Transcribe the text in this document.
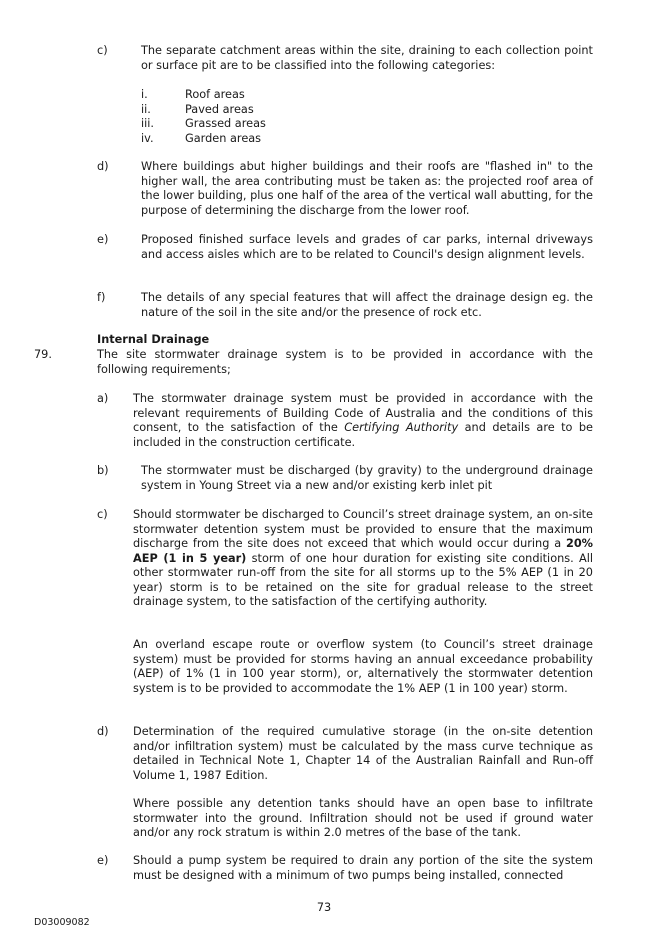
c)	The separate catchment areas within the site, draining to each collection point or surface pit are to be classified into the following categories:
i.	Roof areas
ii.	Paved areas
iii.	Grassed areas
iv.	Garden areas
d)	Where buildings abut higher buildings and their roofs are "flashed in" to the higher wall, the area contributing must be taken as: the projected roof area of the lower building, plus one half of the area of the vertical wall abutting, for the purpose of determining the discharge from the lower roof.
e)	Proposed finished surface levels and grades of car parks, internal driveways and access aisles which are to be related to Council's design alignment levels.
f)	The details of any special features that will affect the drainage design eg. the nature of the soil in the site and/or the presence of rock etc.
Internal Drainage
79.	The site stormwater drainage system is to be provided in accordance with the following requirements;
a) The stormwater drainage system must be provided in accordance with the relevant requirements of Building Code of Australia and the conditions of this consent, to the satisfaction of the Certifying Authority and details are to be included in the construction certificate.
b)	The stormwater must be discharged (by gravity) to the underground drainage system in Young Street via a new and/or existing kerb inlet pit
c) Should stormwater be discharged to Council’s street drainage system, an on-site stormwater detention system must be provided to ensure that the maximum discharge from the site does not exceed that which would occur during a 20% AEP (1 in 5 year) storm of one hour duration for existing site conditions. All other stormwater run-off from the site for all storms up to the 5% AEP (1 in 20 year) storm is to be retained on the site for gradual release to the street drainage system, to the satisfaction of the certifying authority.
An overland escape route or overflow system (to Council’s street drainage system) must be provided for storms having an annual exceedance probability (AEP) of 1% (1 in 100 year storm), or, alternatively the stormwater detention system is to be provided to accommodate the 1% AEP (1 in 100 year) storm.
d) Determination of the required cumulative storage (in the on-site detention and/or infiltration system) must be calculated by the mass curve technique as detailed in Technical Note 1, Chapter 14 of the Australian Rainfall and Run-off Volume 1, 1987 Edition.
Where possible any detention tanks should have an open base to infiltrate stormwater into the ground. Infiltration should not be used if ground water and/or any rock stratum is within 2.0 metres of the base of the tank.
e) Should a pump system be required to drain any portion of the site the system must be designed with a minimum of two pumps being installed, connected
73
D03009082
